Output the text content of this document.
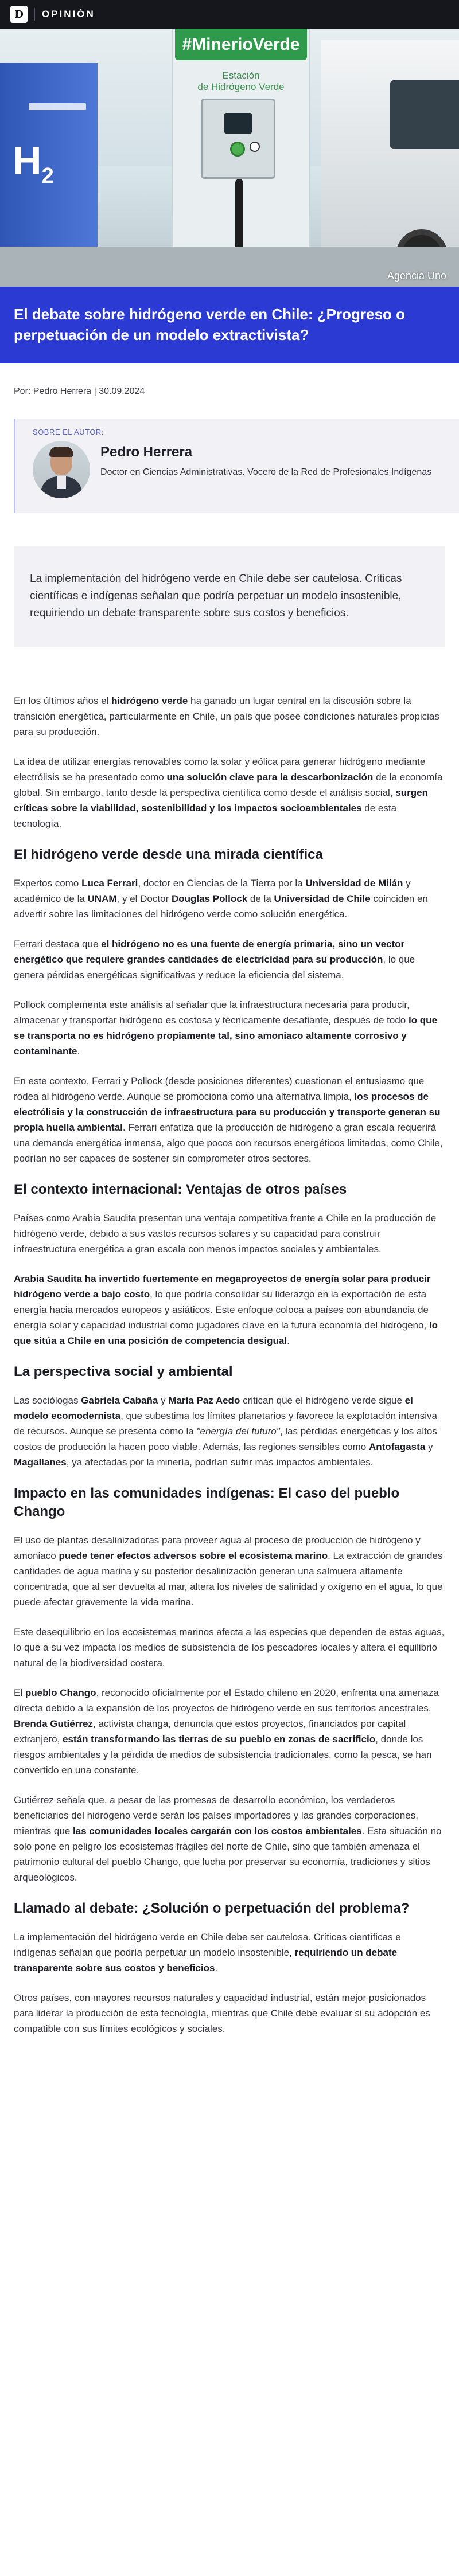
D OPINIÓN
$H_2$
#MinerioVerde
Estación
de Hidrógeno Verde
Agencia Uno
El debate sobre hidrógeno verde en Chile: ¿Progreso o perpetuación de un modelo extractivista?
Por: Pedro Herrera | 30.09.2024
SOBRE EL AUTOR:
Pedro Herrera
Doctor en Ciencias Administrativas. Vocero de la Red de Profesionales Indígenas

La implementación del hidrógeno verde en Chile debe ser cautelosa. Críticas científicas e indígenas señalan que podría perpetuar un modelo insostenible, requiriendo un debate transparente sobre sus costos y beneficios.

En los últimos años el hidrógeno verde ha ganado un lugar central en la discusión sobre la transición energética, particularmente en Chile, un país que posee condiciones naturales propicias para su producción.

La idea de utilizar energías renovables como la solar y eólica para generar hidrógeno mediante electrólisis se ha presentado como una solución clave para la descarbonización de la economía global. Sin embargo, tanto desde la perspectiva científica como desde el análisis social, surgen críticas sobre la viabilidad, sostenibilidad y los impactos socioambientales de esta tecnología.

El hidrógeno verde desde una mirada científica

Expertos como Luca Ferrari, doctor en Ciencias de la Tierra por la Universidad de Milán y académico de la UNAM, y el Doctor Douglas Pollock de la Universidad de Chile coinciden en advertir sobre las limitaciones del hidrógeno verde como solución energética.

Ferrari destaca que el hidrógeno no es una fuente de energía primaria, sino un vector energético que requiere grandes cantidades de electricidad para su producción, lo que genera pérdidas energéticas significativas y reduce la eficiencia del sistema.

Pollock complementa este análisis al señalar que la infraestructura necesaria para producir, almacenar y transportar hidrógeno es costosa y técnicamente desafiante, después de todo lo que se transporta no es hidrógeno propiamente tal, sino amoniaco altamente corrosivo y contaminante.

En este contexto, Ferrari y Pollock (desde posiciones diferentes) cuestionan el entusiasmo que rodea al hidrógeno verde. Aunque se promociona como una alternativa limpia, los procesos de electrólisis y la construcción de infraestructura para su producción y transporte generan su propia huella ambiental. Ferrari enfatiza que la producción de hidrógeno a gran escala requerirá una demanda energética inmensa, algo que pocos con recursos energéticos limitados, como Chile, podrían no ser capaces de sostener sin comprometer otros sectores.

El contexto internacional: Ventajas de otros países

Países como Arabia Saudita presentan una ventaja competitiva frente a Chile en la producción de hidrógeno verde, debido a sus vastos recursos solares y su capacidad para construir infraestructura energética a gran escala con menos impactos sociales y ambientales.

Arabia Saudita ha invertido fuertemente en megaproyectos de energía solar para producir hidrógeno verde a bajo costo, lo que podría consolidar su liderazgo en la exportación de esta energía hacia mercados europeos y asiáticos. Este enfoque coloca a países con abundancia de energía solar y capacidad industrial como jugadores clave en la futura economía del hidrógeno, lo que sitúa a Chile en una posición de competencia desigual.

La perspectiva social y ambiental

Las sociólogas Gabriela Cabaña y María Paz Aedo critican que el hidrógeno verde sigue el modelo ecomodernista, que subestima los límites planetarios y favorece la explotación intensiva de recursos. Aunque se presenta como la "energía del futuro", las pérdidas energéticas y los altos costos de producción la hacen poco viable. Además, las regiones sensibles como Antofagasta y Magallanes, ya afectadas por la minería, podrían sufrir más impactos ambientales.

Impacto en las comunidades indígenas: El caso del pueblo Chango

El uso de plantas desalinizadoras para proveer agua al proceso de producción de hidrógeno y amoniaco puede tener efectos adversos sobre el ecosistema marino. La extracción de grandes cantidades de agua marina y su posterior desalinización generan una salmuera altamente concentrada, que al ser devuelta al mar, altera los niveles de salinidad y oxígeno en el agua, lo que puede afectar gravemente la vida marina.

Este desequilibrio en los ecosistemas marinos afecta a las especies que dependen de estas aguas, lo que a su vez impacta los medios de subsistencia de los pescadores locales y altera el equilibrio natural de la biodiversidad costera.

El pueblo Chango, reconocido oficialmente por el Estado chileno en 2020, enfrenta una amenaza directa debido a la expansión de los proyectos de hidrógeno verde en sus territorios ancestrales. Brenda Gutiérrez, activista changa, denuncia que estos proyectos, financiados por capital extranjero, están transformando las tierras de su pueblo en zonas de sacrificio, donde los riesgos ambientales y la pérdida de medios de subsistencia tradicionales, como la pesca, se han convertido en una constante.

Gutiérrez señala que, a pesar de las promesas de desarrollo económico, los verdaderos beneficiarios del hidrógeno verde serán los países importadores y las grandes corporaciones, mientras que las comunidades locales cargarán con los costos ambientales. Esta situación no solo pone en peligro los ecosistemas frágiles del norte de Chile, sino que también amenaza el patrimonio cultural del pueblo Chango, que lucha por preservar su economía, tradiciones y sitios arqueológicos.

Llamado al debate: ¿Solución o perpetuación del problema?

La implementación del hidrógeno verde en Chile debe ser cautelosa. Críticas científicas e indígenas señalan que podría perpetuar un modelo insostenible, requiriendo un debate transparente sobre sus costos y beneficios.

Otros países, con mayores recursos naturales y capacidad industrial, están mejor posicionados para liderar la producción de esta tecnología, mientras que Chile debe evaluar si su adopción es compatible con sus límites ecológicos y sociales.
